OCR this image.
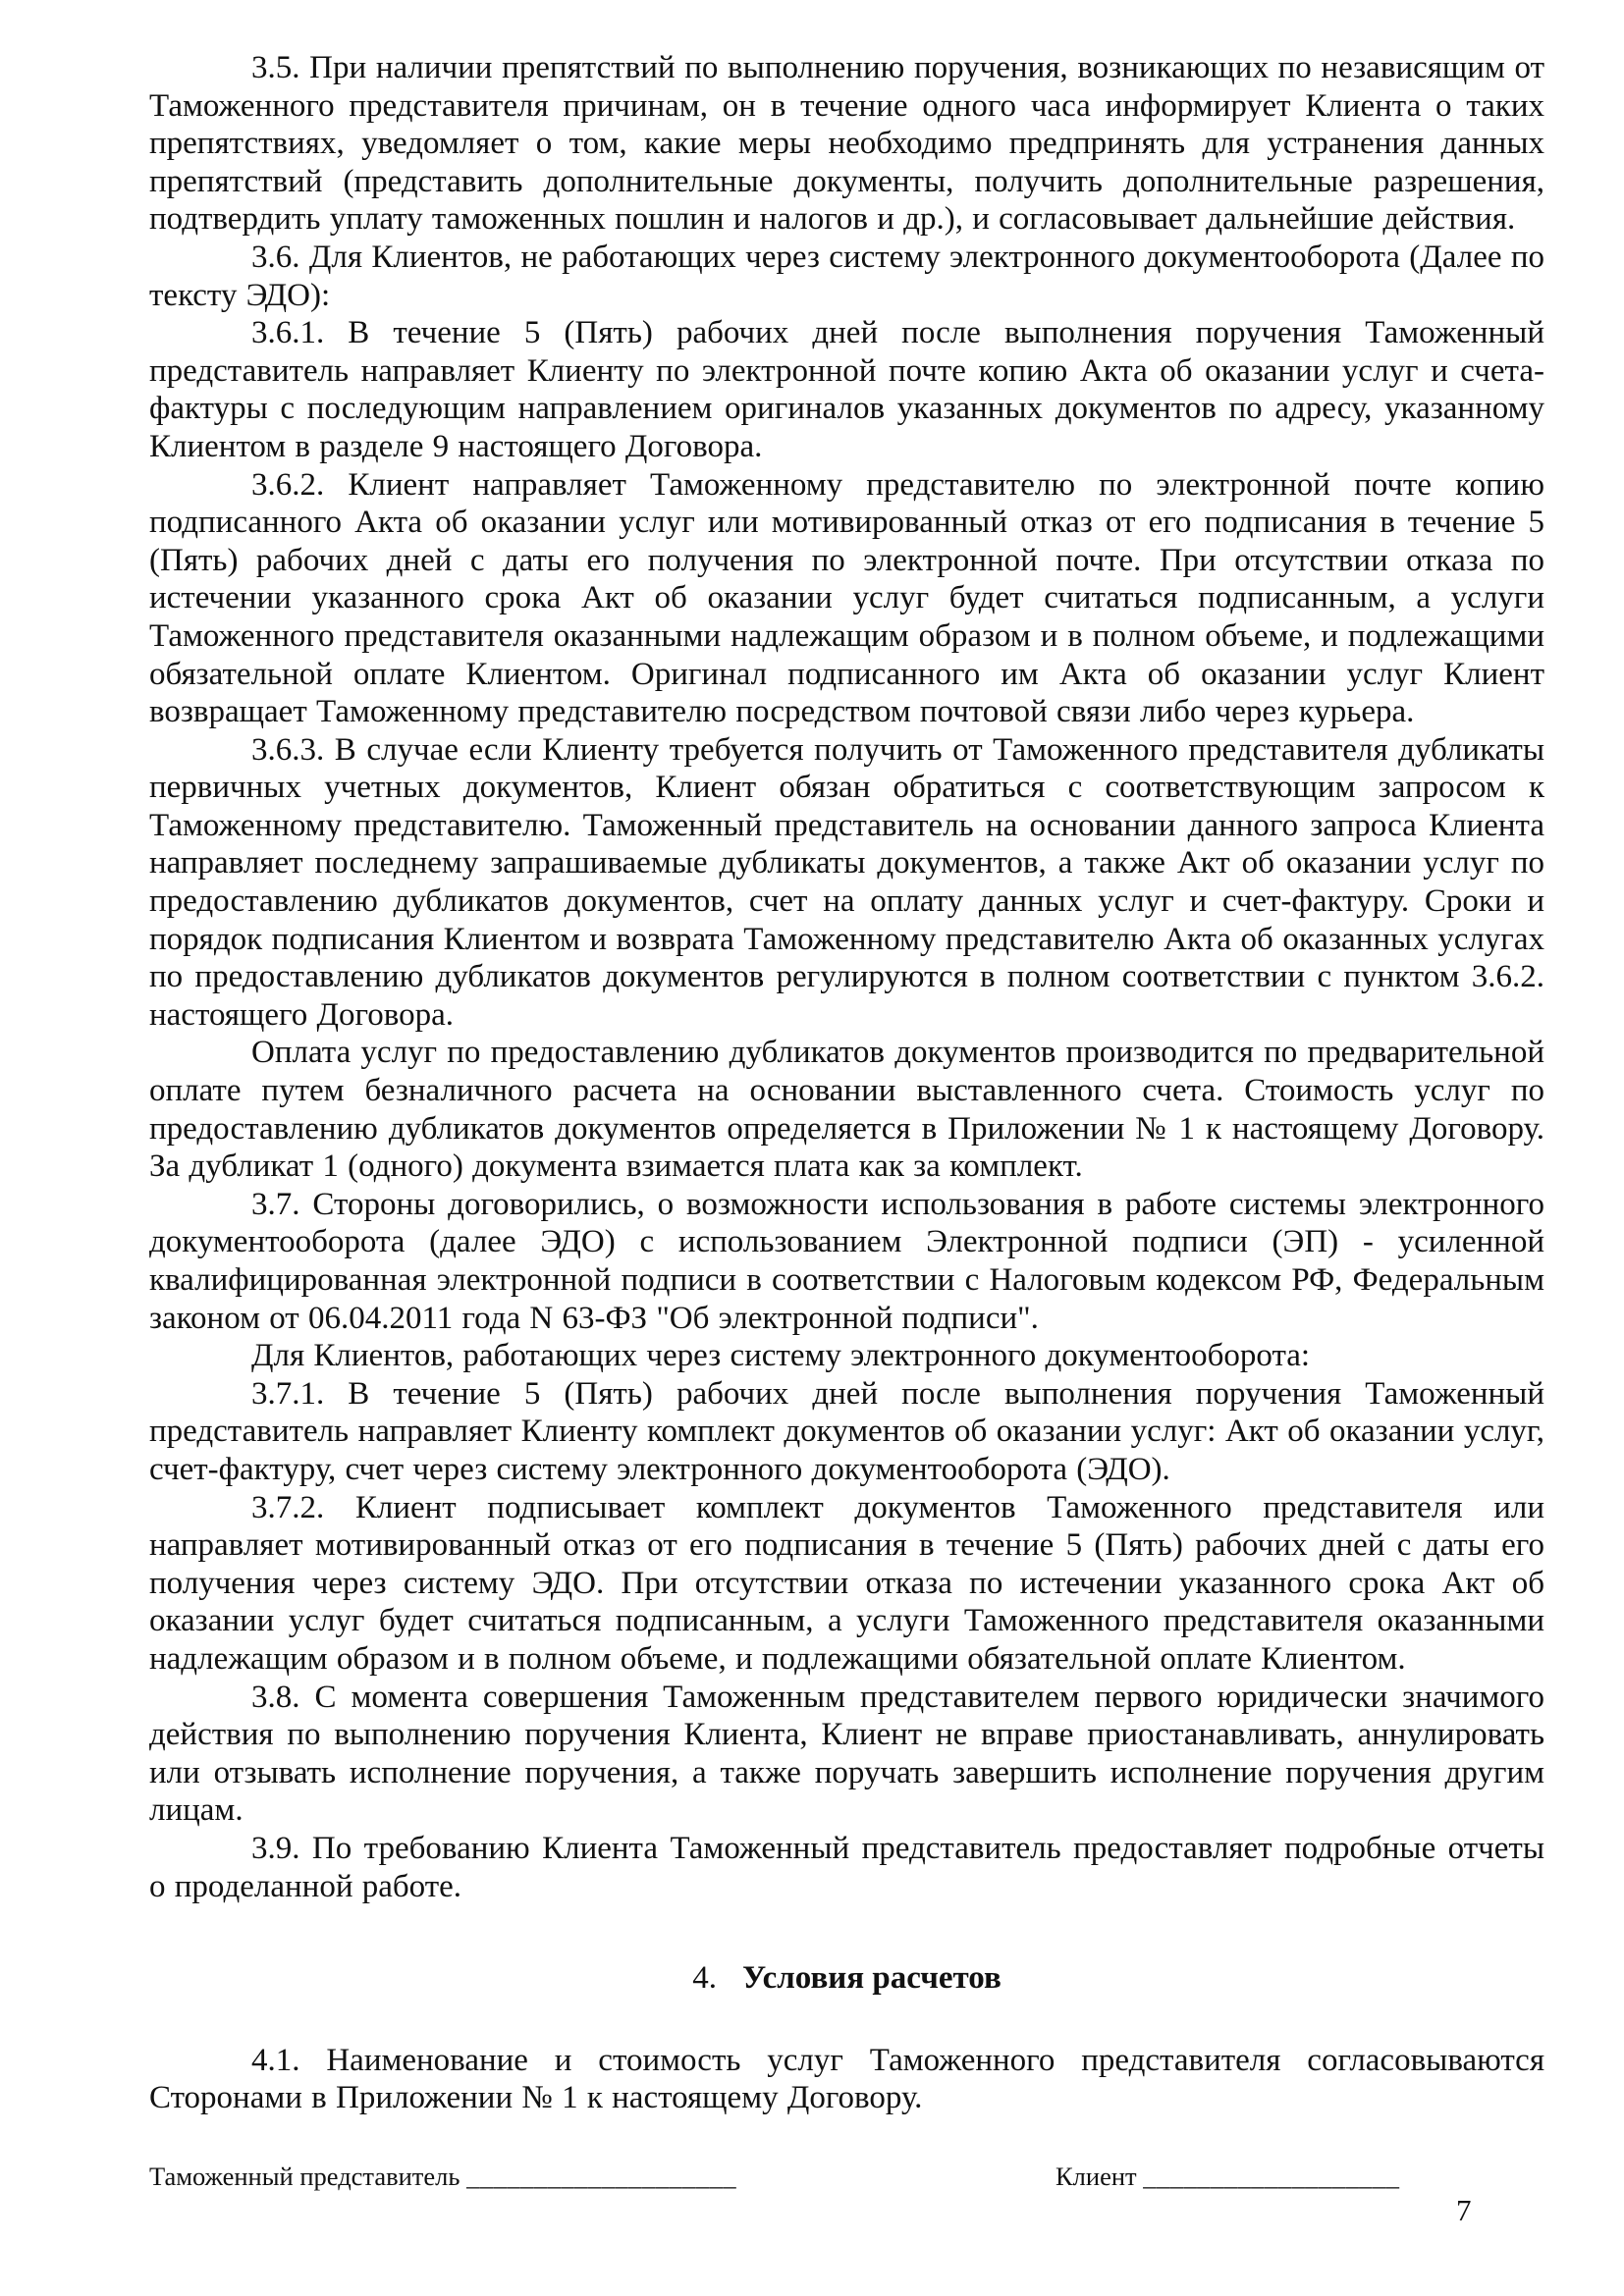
3.5. При наличии препятствий по выполнению поручения, возникающих по независящим от Таможенного представителя причинам, он в течение одного часа информирует Клиента о таких препятствиях, уведомляет о том, какие меры необходимо предпринять для устранения данных препятствий (представить дополнительные документы, получить дополнительные разрешения, подтвердить уплату таможенных пошлин и налогов и др.), и согласовывает дальнейшие действия.

3.6. Для Клиентов, не работающих через систему электронного документооборота (Далее по тексту ЭДО):

3.6.1. В течение 5 (Пять) рабочих дней после выполнения поручения Таможенный представитель направляет Клиенту по электронной почте копию Акта об оказании услуг и счета-фактуры с последующим направлением оригиналов указанных документов по адресу, указанному Клиентом в разделе 9 настоящего Договора.

3.6.2. Клиент направляет Таможенному представителю по электронной почте копию подписанного Акта об оказании услуг или мотивированный отказ от его подписания в течение 5 (Пять) рабочих дней с даты его получения по электронной почте. При отсутствии отказа по истечении указанного срока Акт об оказании услуг будет считаться подписанным, а услуги Таможенного представителя оказанными надлежащим образом и в полном объеме, и подлежащими обязательной оплате Клиентом. Оригинал подписанного им Акта об оказании услуг Клиент возвращает Таможенному представителю посредством почтовой связи либо через курьера.

3.6.3. В случае если Клиенту требуется получить от Таможенного представителя дубликаты первичных учетных документов, Клиент обязан обратиться с соответствующим запросом к Таможенному представителю. Таможенный представитель на основании данного запроса Клиента направляет последнему запрашиваемые дубликаты документов, а также Акт об оказании услуг по предоставлению дубликатов документов, счет на оплату данных услуг и счет-фактуру. Сроки и порядок подписания Клиентом и возврата Таможенному представителю Акта об оказанных услугах по предоставлению дубликатов документов регулируются в полном соответствии с пунктом 3.6.2. настоящего Договора.

Оплата услуг по предоставлению дубликатов документов производится по предварительной оплате путем безналичного расчета на основании выставленного счета. Стоимость услуг по предоставлению дубликатов документов определяется в Приложении № 1 к настоящему Договору. За дубликат 1 (одного) документа взимается плата как за комплект.

3.7. Стороны договорились, о возможности использования в работе системы электронного документооборота (далее ЭДО) с использованием Электронной подписи (ЭП) - усиленной квалифицированная электронной подписи в соответствии с Налоговым кодексом РФ, Федеральным законом от 06.04.2011 года N 63-ФЗ "Об электронной подписи".

Для Клиентов, работающих через систему электронного документооборота:

3.7.1. В течение 5 (Пять) рабочих дней после выполнения поручения Таможенный представитель направляет Клиенту комплект документов об оказании услуг: Акт об оказании услуг, счет-фактуру, счет через систему электронного документооборота (ЭДО).

3.7.2. Клиент подписывает комплект документов Таможенного представителя или направляет мотивированный отказ от его подписания в течение 5 (Пять) рабочих дней с даты его получения через систему ЭДО. При отсутствии отказа по истечении указанного срока Акт об оказании услуг будет считаться подписанным, а услуги Таможенного представителя оказанными надлежащим образом и в полном объеме, и подлежащими обязательной оплате Клиентом.

3.8. С момента совершения Таможенным представителем первого юридически значимого действия по выполнению поручения Клиента, Клиент не вправе приостанавливать, аннулировать или отзывать исполнение поручения, а также поручать завершить исполнение поручения другим лицам.

3.9. По требованию Клиента Таможенный представитель предоставляет подробные отчеты о проделанной работе.

4. Условия расчетов

4.1. Наименование и стоимость услуг Таможенного представителя согласовываются Сторонами в Приложении № 1 к настоящему Договору.

Таможенный представитель ____________________	Клиент ___________________
7
